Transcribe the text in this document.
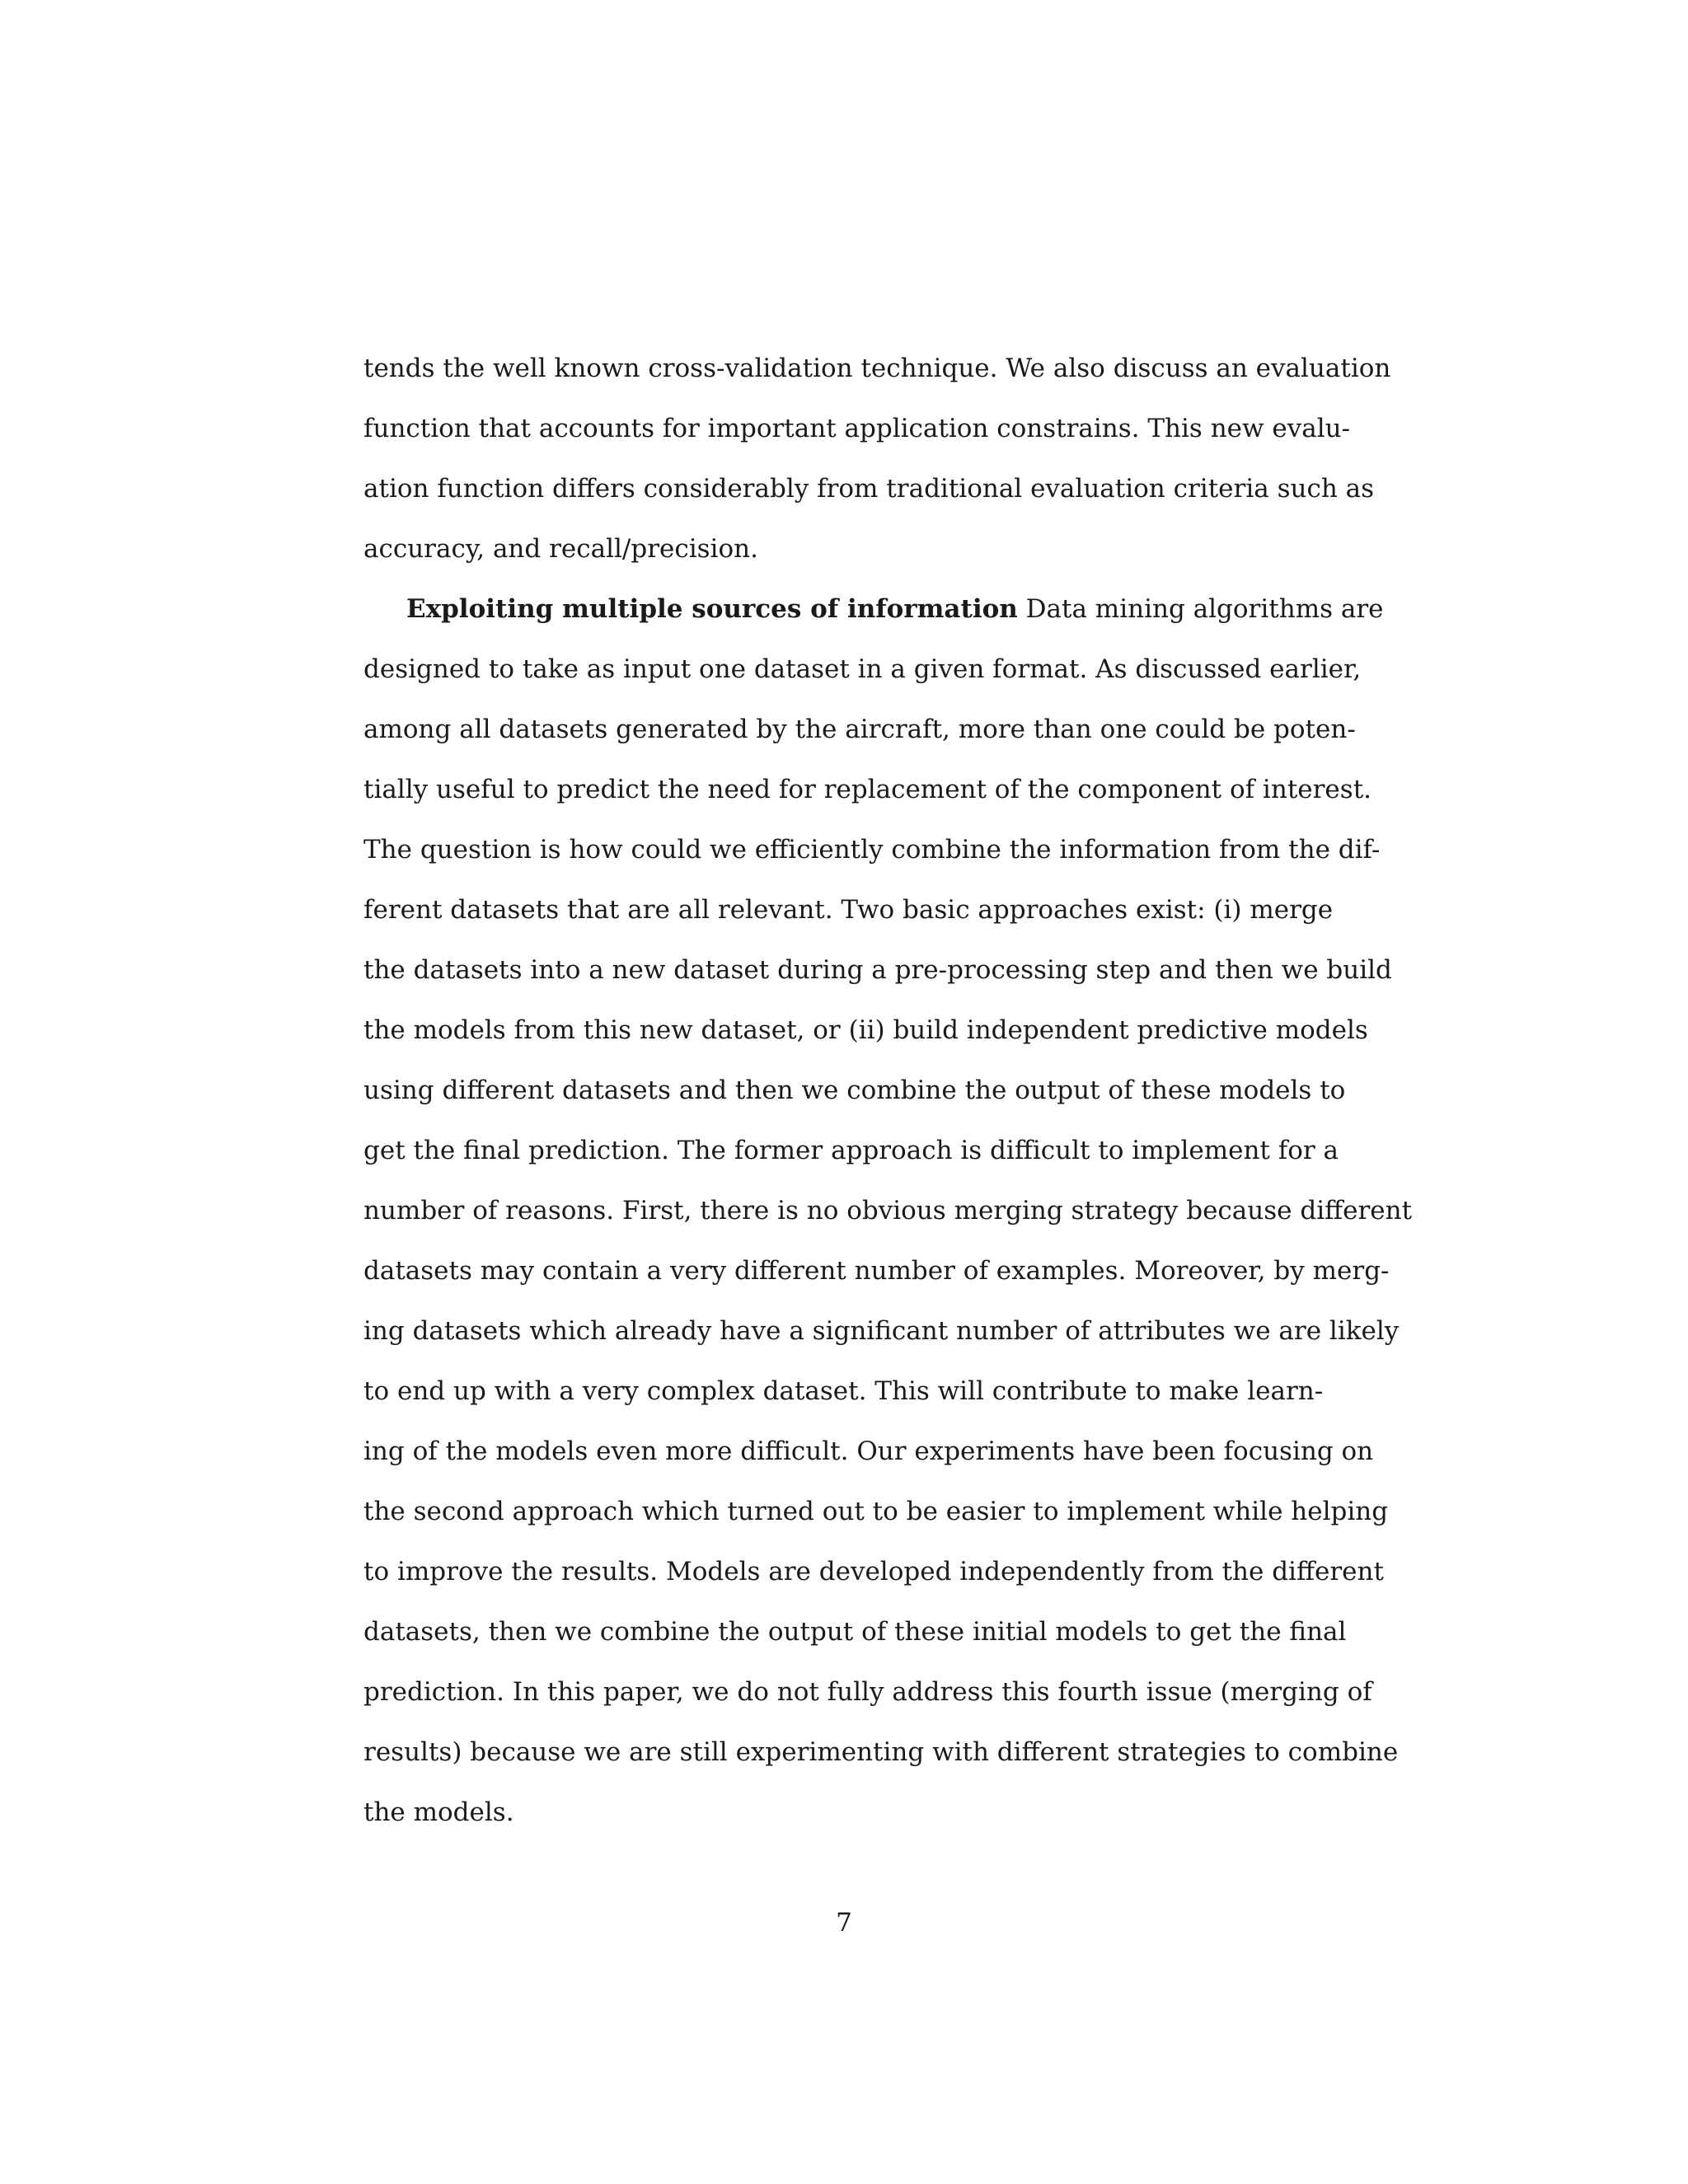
tends the well known cross-validation technique. We also discuss an evaluation
function that accounts for important application constrains. This new evalu-
ation function differs considerably from traditional evaluation criteria such as
accuracy, and recall/precision.
Exploiting multiple sources of information Data mining algorithms are
designed to take as input one dataset in a given format. As discussed earlier,
among all datasets generated by the aircraft, more than one could be poten-
tially useful to predict the need for replacement of the component of interest.
The question is how could we efficiently combine the information from the dif-
ferent datasets that are all relevant. Two basic approaches exist: (i) merge
the datasets into a new dataset during a pre-processing step and then we build
the models from this new dataset, or (ii) build independent predictive models
using different datasets and then we combine the output of these models to
get the final prediction. The former approach is difficult to implement for a
number of reasons. First, there is no obvious merging strategy because different
datasets may contain a very different number of examples. Moreover, by merg-
ing datasets which already have a significant number of attributes we are likely
to end up with a very complex dataset. This will contribute to make learn-
ing of the models even more difficult. Our experiments have been focusing on
the second approach which turned out to be easier to implement while helping
to improve the results. Models are developed independently from the different
datasets, then we combine the output of these initial models to get the final
prediction. In this paper, we do not fully address this fourth issue (merging of
results) because we are still experimenting with different strategies to combine
the models.
7
